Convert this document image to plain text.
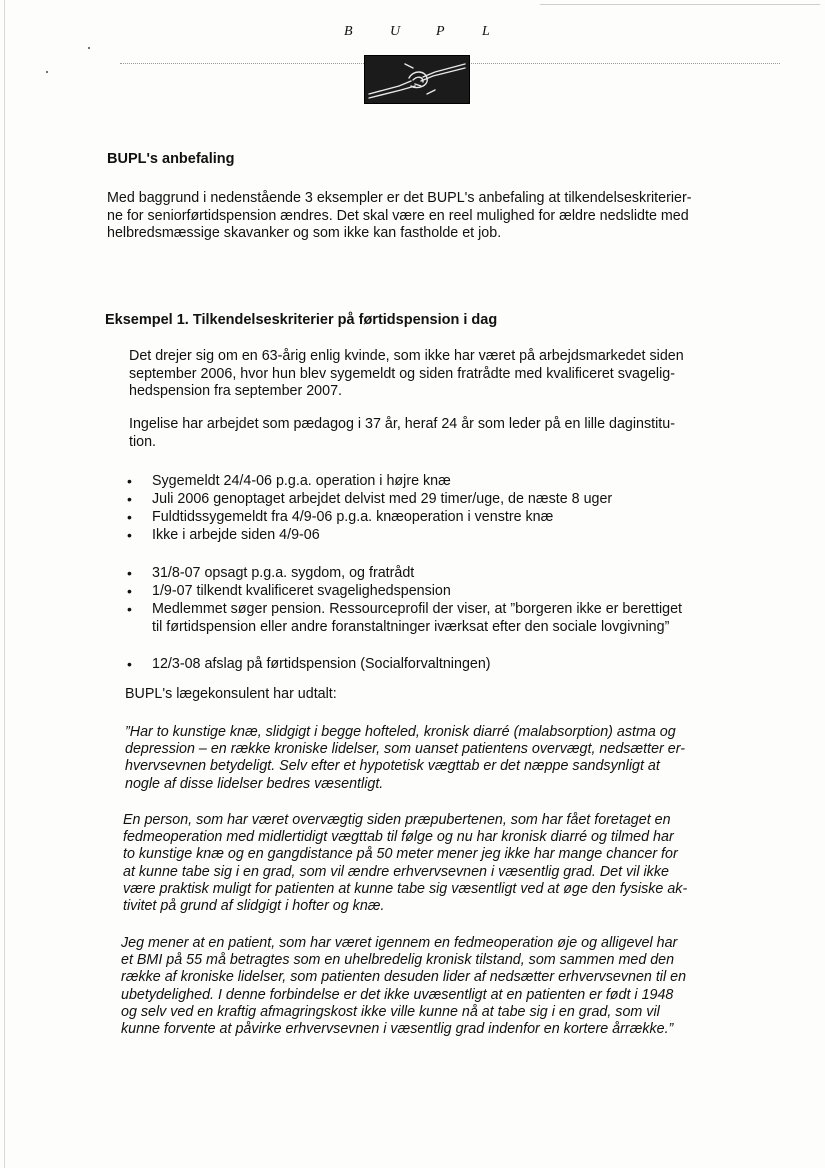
B	U	P	L
BUPL's anbefaling
Med baggrund i nedenstående 3 eksempler er det BUPL's anbefaling at tilkendelseskriterier-
ne for seniorførtidspension ændres. Det skal være en reel mulighed for ældre nedslidte med
helbredsmæssige skavanker og som ikke kan fastholde et job.
Eksempel 1. Tilkendelseskriterier på førtidspension i dag
Det drejer sig om en 63-årig enlig kvinde, som ikke har været på arbejdsmarkedet siden
september 2006, hvor hun blev sygemeldt og siden fratrådte med kvalificeret svagelig-
hedspension fra september 2007.
Ingelise har arbejdet som pædagog i 37 år, heraf 24 år som leder på en lille daginstitu-
tion.
• Sygemeldt 24/4-06 p.g.a. operation i højre knæ
• Juli 2006 genoptaget arbejdet delvist med 29 timer/uge, de næste 8 uger
• Fuldtidssygemeldt fra 4/9-06 p.g.a. knæoperation i venstre knæ
• Ikke i arbejde siden 4/9-06
• 31/8-07 opsagt p.g.a. sygdom, og fratrådt
• 1/9-07 tilkendt kvalificeret svagelighedspension
• Medlemmet søger pension. Ressourceprofil der viser, at ”borgeren ikke er berettiget
til førtidspension eller andre foranstaltninger iværksat efter den sociale lovgivning”
• 12/3-08 afslag på førtidspension (Socialforvaltningen)
BUPL's lægekonsulent har udtalt:
”Har to kunstige knæ, slidgigt i begge hofteled, kronisk diarré (malabsorption) astma og
depression – en række kroniske lidelser, som uanset patientens overvægt, nedsætter er-
hvervsevnen betydeligt. Selv efter et hypotetisk vægttab er det næppe sandsynligt at
nogle af disse lidelser bedres væsentligt.
En person, som har været overvægtig siden præpubertenen, som har fået foretaget en
fedmeoperation med midlertidigt vægttab til følge og nu har kronisk diarré og tilmed har
to kunstige knæ og en gangdistance på 50 meter mener jeg ikke har mange chancer for
at kunne tabe sig i en grad, som vil ændre erhvervsevnen i væsentlig grad. Det vil ikke
være praktisk muligt for patienten at kunne tabe sig væsentligt ved at øge den fysiske ak-
tivitet på grund af slidgigt i hofter og knæ.
Jeg mener at en patient, som har været igennem en fedmeoperation øje og alligevel har
et BMI på 55 må betragtes som en uhelbredelig kronisk tilstand, som sammen med den
række af kroniske lidelser, som patienten desuden lider af nedsætter erhvervsevnen til en
ubetydelighed. I denne forbindelse er det ikke uvæsentligt at en patienten er født i 1948
og selv ved en kraftig afmagringskost ikke ville kunne nå at tabe sig i en grad, som vil
kunne forvente at påvirke erhvervsevnen i væsentlig grad indenfor en kortere årrække.”
